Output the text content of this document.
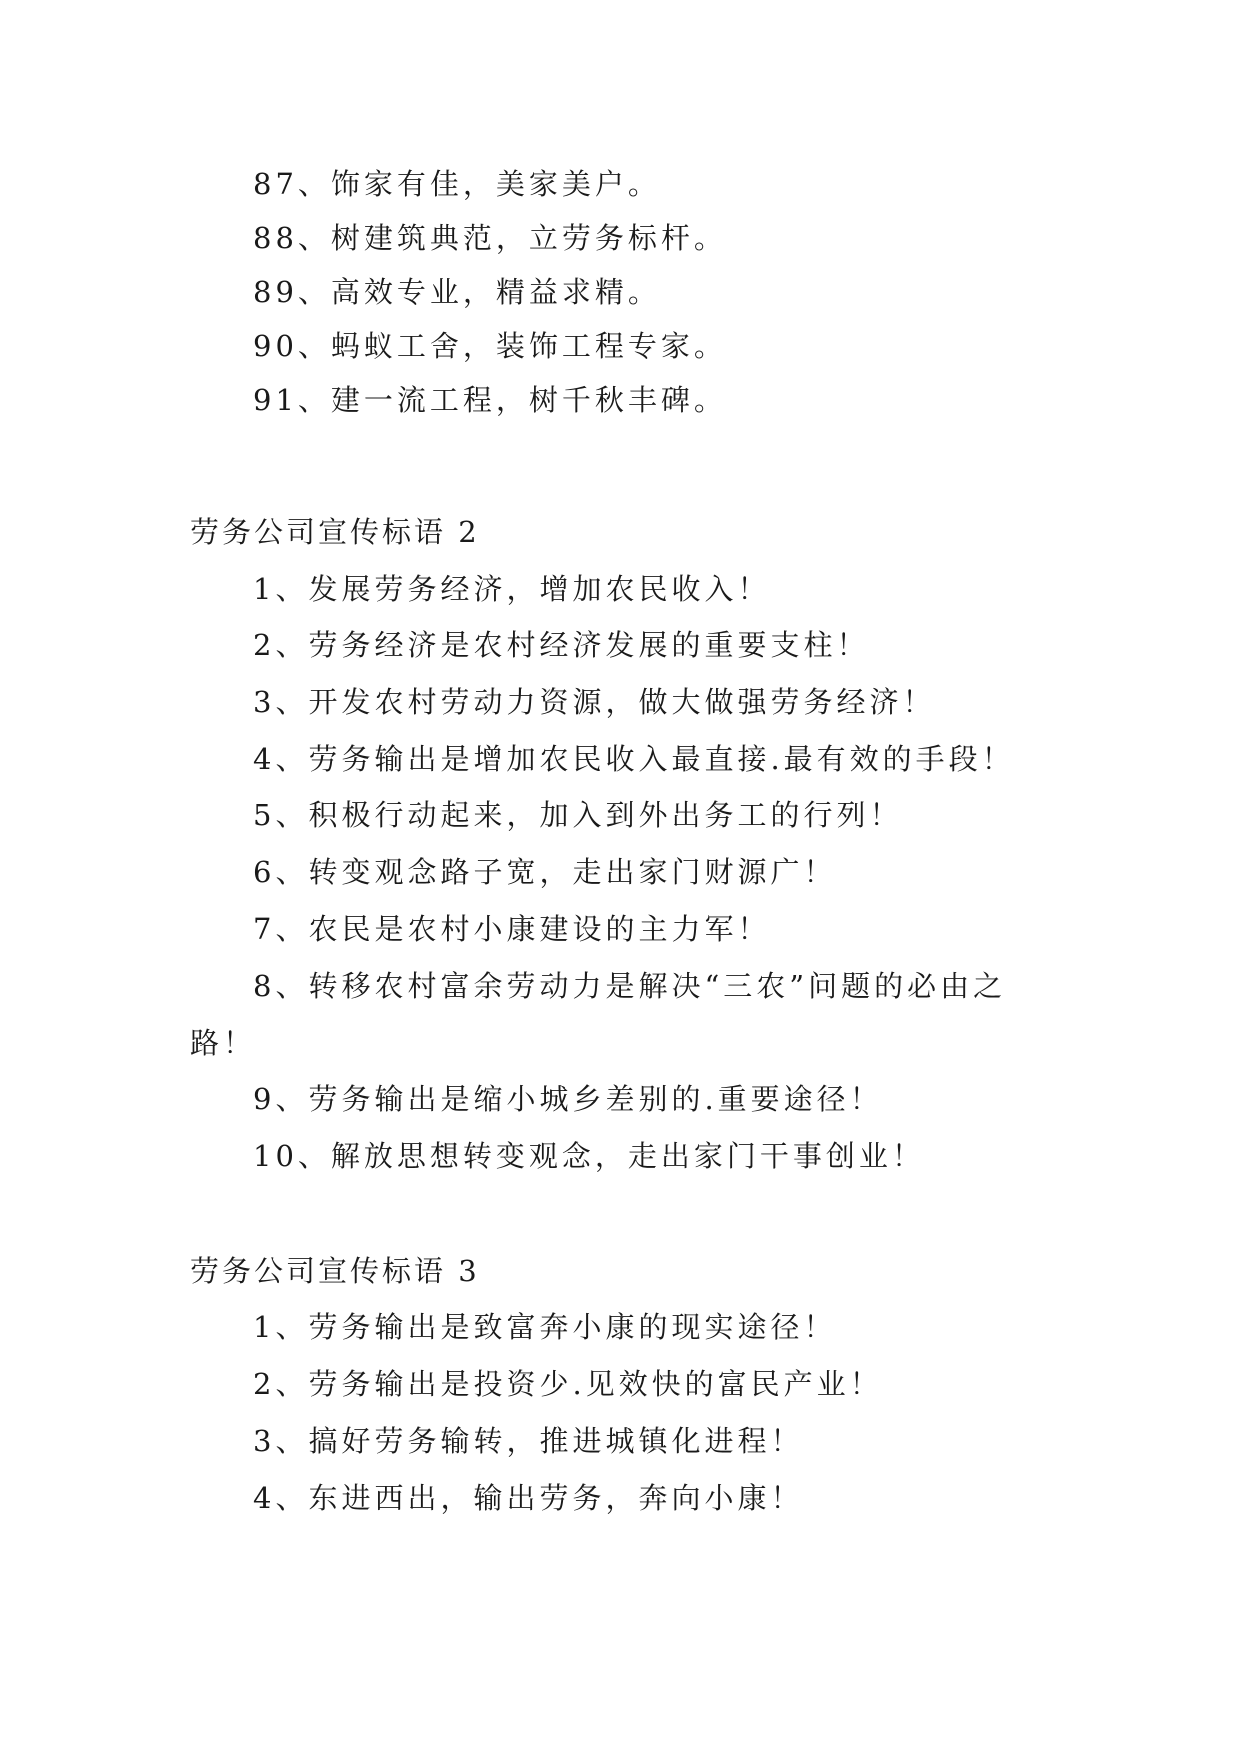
87、饰家有佳，美家美户。
88、树建筑典范，立劳务标杆。
89、高效专业，精益求精。
90、蚂蚁工舍，装饰工程专家。
91、建一流工程，树千秋丰碑。
劳务公司宣传标语 2
1、发展劳务经济，增加农民收入！
2、劳务经济是农村经济发展的重要支柱！
3、开发农村劳动力资源，做大做强劳务经济！
4、劳务输出是增加农民收入最直接.最有效的手段！
5、积极行动起来，加入到外出务工的行列！
6、转变观念路子宽，走出家门财源广！
7、农民是农村小康建设的主力军！
8、转移农村富余劳动力是解决“三农”问题的必由之
路！
9、劳务输出是缩小城乡差别的.重要途径！
10、解放思想转变观念，走出家门干事创业！
劳务公司宣传标语 3
1、劳务输出是致富奔小康的现实途径！
2、劳务输出是投资少.见效快的富民产业！
3、搞好劳务输转，推进城镇化进程！
4、东进西出，输出劳务，奔向小康！
